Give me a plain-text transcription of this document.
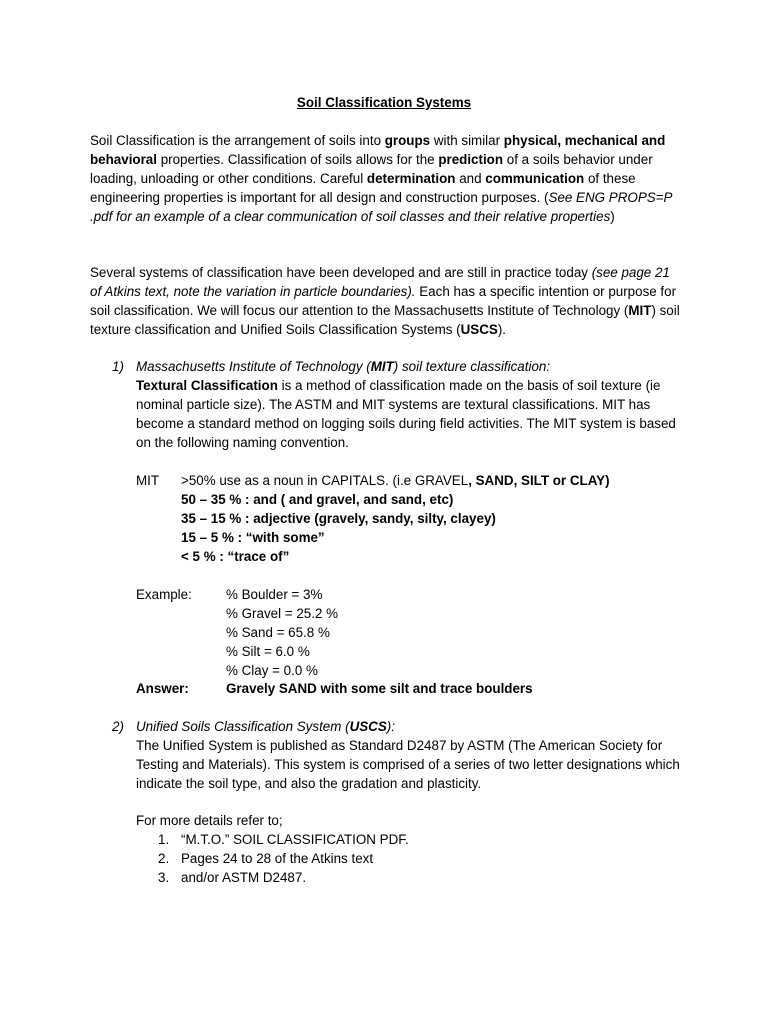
Soil Classification Systems

Soil Classification is the arrangement of soils into groups with similar physical, mechanical and behavioral properties. Classification of soils allows for the prediction of a soils behavior under loading, unloading or other conditions. Careful determination and communication of these engineering properties is important for all design and construction purposes. (See ENG PROPS=P .pdf for an example of a clear communication of soil classes and their relative properties)

Several systems of classification have been developed and are still in practice today (see page 21 of Atkins text, note the variation in particle boundaries). Each has a specific intention or purpose for soil classification. We will focus our attention to the Massachusetts Institute of Technology (MIT) soil texture classification and Unified Soils Classification Systems (USCS).

1) Massachusetts Institute of Technology (MIT) soil texture classification:

Textural Classification is a method of classification made on the basis of soil texture (ie nominal particle size). The ASTM and MIT systems are textural classifications. MIT has become a standard method on logging soils during field activities. The MIT system is based on the following naming convention.

MIT	>50% use as a noun in CAPITALS. (i.e GRAVEL, SAND, SILT or CLAY)
50 – 35 % : and ( and gravel, and sand, etc)
35 – 15 % : adjective (gravely, sandy, silty, clayey)
15 – 5 % : “with some”
< 5 % : “trace of”
Example:	% Boulder = 3%
% Gravel = 25.2 %
% Sand = 65.8 %
% Silt = 6.0 %
% Clay = 0.0 %
Answer:	Gravely SAND with some silt and trace boulders
2) Unified Soils Classification System (USCS):

The Unified System is published as Standard D2487 by ASTM (The American Society for Testing and Materials). This system is comprised of a series of two letter designations which indicate the soil type, and also the gradation and plasticity.

For more details refer to;
1. “M.T.O.” SOIL CLASSIFICATION PDF.
2. Pages 24 to 28 of the Atkins text
3. and/or ASTM D2487.
